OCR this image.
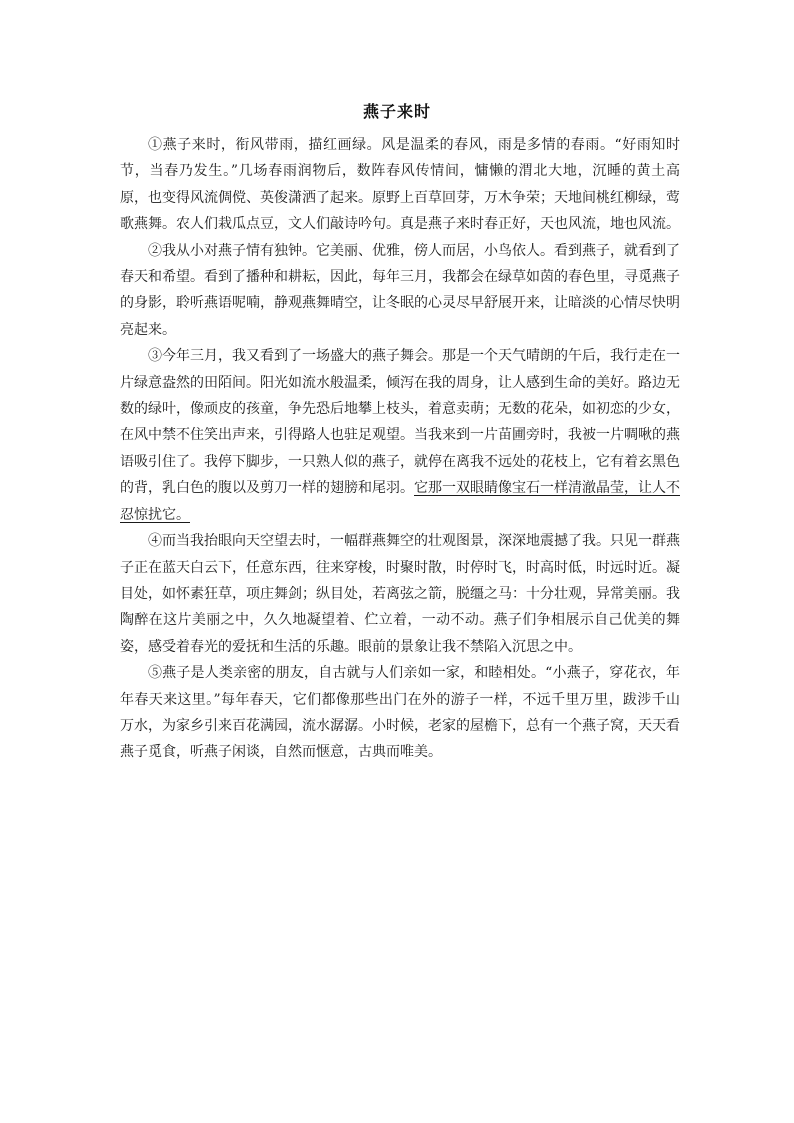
燕子来时

①燕子来时，衔风带雨，描红画绿。风是温柔的春风，雨是多情的春雨。“好雨知时节，当春乃发生。”几场春雨润物后，数阵春风传情间，慵懒的渭北大地，沉睡的黄土高原，也变得风流倜傥、英俊潇洒了起来。原野上百草回芽，万木争荣；天地间桃红柳绿，莺歌燕舞。农人们栽瓜点豆，文人们敲诗吟句。真是燕子来时春正好，天也风流，地也风流。

②我从小对燕子情有独钟。它美丽、优雅，傍人而居，小鸟依人。看到燕子，就看到了春天和希望。看到了播种和耕耘，因此，每年三月，我都会在绿草如茵的春色里，寻觅燕子的身影，聆听燕语呢喃，静观燕舞晴空，让冬眠的心灵尽早舒展开来，让暗淡的心情尽快明亮起来。

③今年三月，我又看到了一场盛大的燕子舞会。那是一个天气晴朗的午后，我行走在一片绿意盎然的田陌间。阳光如流水般温柔，倾泻在我的周身，让人感到生命的美好。路边无数的绿叶，像顽皮的孩童，争先恐后地攀上枝头，着意卖萌；无数的花朵，如初恋的少女，在风中禁不住笑出声来，引得路人也驻足观望。当我来到一片苗圃旁时，我被一片啁啾的燕语吸引住了。我停下脚步，一只熟人似的燕子，就停在离我不远处的花枝上，它有着玄黑色的背，乳白色的腹以及剪刀一样的翅膀和尾羽。它那一双眼睛像宝石一样清澈晶莹，让人不忍惊扰它。

④而当我抬眼向天空望去时，一幅群燕舞空的壮观图景，深深地震撼了我。只见一群燕子正在蓝天白云下，任意东西，往来穿梭，时聚时散，时停时飞，时高时低，时远时近。凝目处，如怀素狂草，项庄舞剑；纵目处，若离弦之箭，脱缰之马：十分壮观，异常美丽。我陶醉在这片美丽之中，久久地凝望着、伫立着，一动不动。燕子们争相展示自己优美的舞姿，感受着春光的爱抚和生活的乐趣。眼前的景象让我不禁陷入沉思之中。

⑤燕子是人类亲密的朋友，自古就与人们亲如一家，和睦相处。“小燕子，穿花衣，年年春天来这里。”每年春天，它们都像那些出门在外的游子一样，不远千里万里，跋涉千山万水，为家乡引来百花满园，流水潺潺。小时候，老家的屋檐下，总有一个燕子窝，天天看燕子觅食，听燕子闲谈，自然而惬意，古典而唯美。
